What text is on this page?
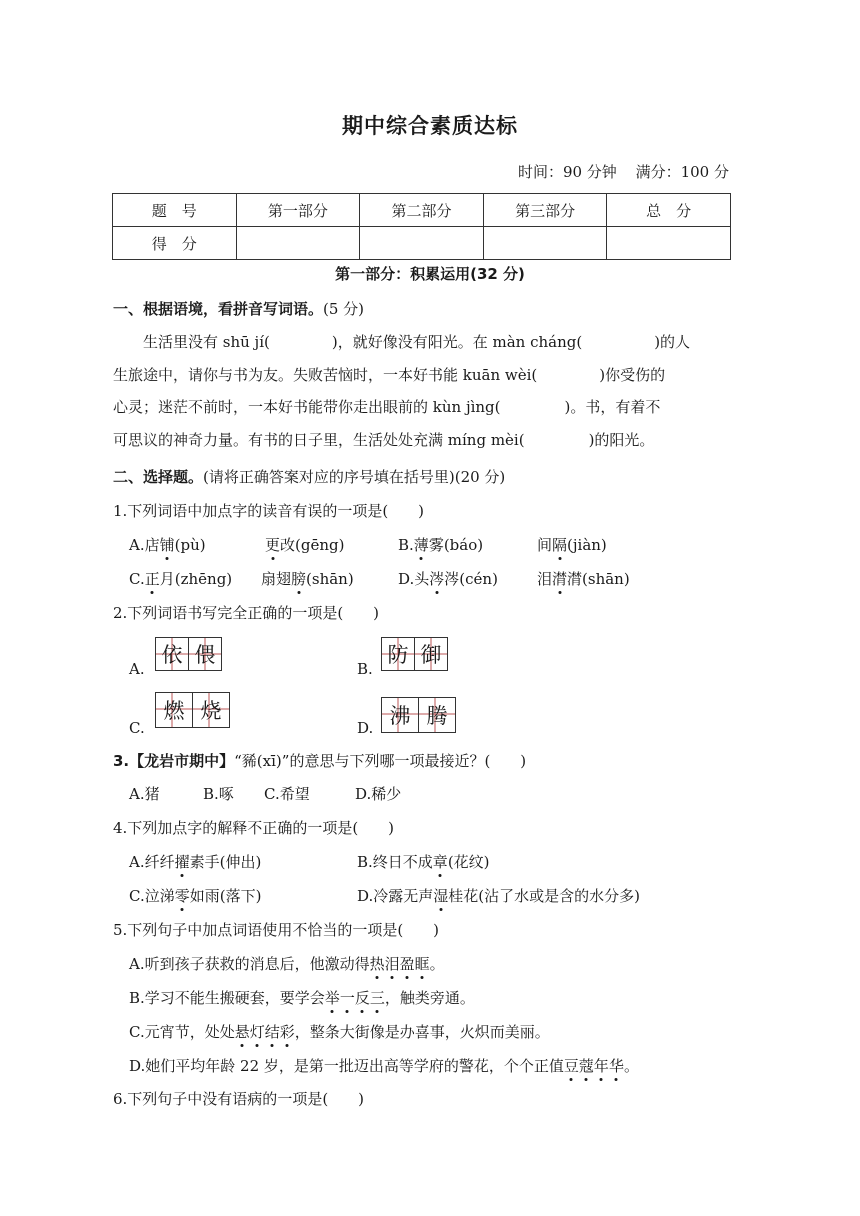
期中综合素质达标
时间：90 分钟 满分：100 分
题　号	第一部分	第二部分	第三部分	总　分
得　分				
第一部分：积累运用(32 分)
一、根据语境，看拼音写词语。(5 分)

生活里没有 shū jí(	)，就好像没有阳光。在 màn cháng(	)的人

生旅途中，请你与书为友。失败苦恼时，一本好书能 kuān wèi(	)你受伤的

心灵；迷茫不前时，一本好书能带你走出眼前的 kùn jìng(	)。书，有着不

可思议的神奇力量。有书的日子里，生活处处充满 míng mèi(	)的阳光。

二、选择题。(请将正确答案对应的序号填在括号里)(20 分)
1.下列词语中加点字的读音有误的一项是(　　)
A.店铺(pù)	更改(gēng)	B.薄雾(báo)	间隔(jiàn)
C.正月(zhēng) 扇翅膀(shān)	D.头涔涔(cén)	泪潸潸(shān)
2.下列词语书写完全正确的一项是(　　)
A.
依 偎
B.
防 御
C.
燃 烧
D. 沸 腾
3.【龙岩市期中】“豨(xī)”的意思与下列哪一项最接近？(　　)
A.猪	B.啄 C.希望	D.稀少
4.下列加点字的解释不正确的一项是(　　)
A.纤纤擢素手(伸出)	B.终日不成章(花纹)
C.泣涕零如雨(落下)	D.冷露无声湿桂花(沾了水或是含的水分多)
5.下列句子中加点词语使用不恰当的一项是(　　)
A.听到孩子获救的消息后，他激动得热泪盈眶。
B.学习不能生搬硬套，要学会举一反三，触类旁通。
C.元宵节，处处悬灯结彩，整条大街像是办喜事，火炽而美丽。
D.她们平均年龄 22 岁，是第一批迈出高等学府的警花，个个正值豆蔻年华。
6.下列句子中没有语病的一项是(　　)
